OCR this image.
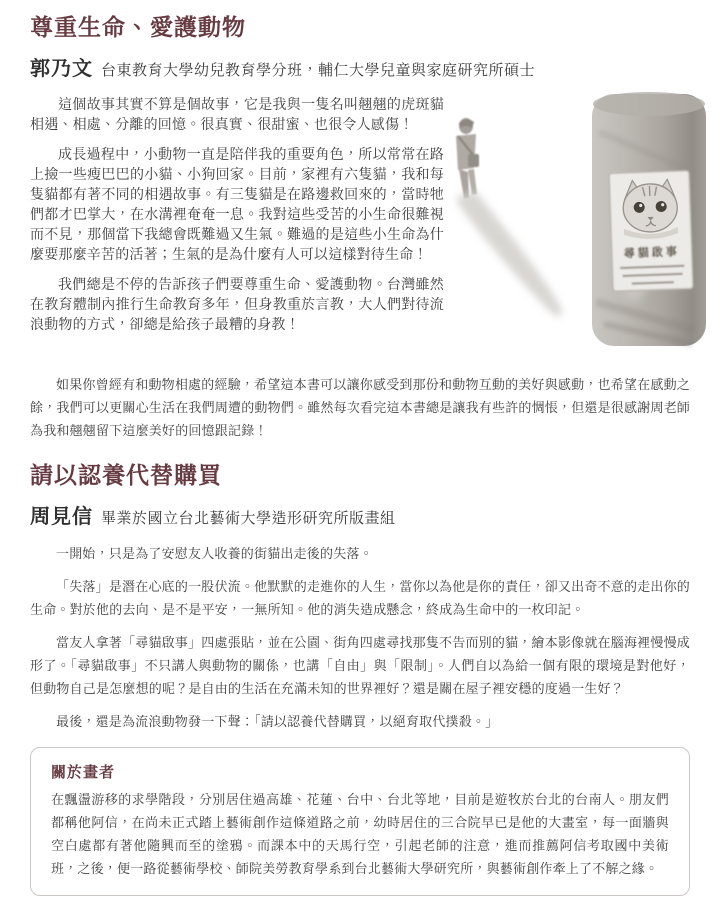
尊重生命、愛護動物
郭乃文 台東教育大學幼兒教育學分班，輔仁大學兒童與家庭研究所碩士

這個故事其實不算是個故事，它是我與一隻名叫翹翹的虎斑貓相遇、相處、分離的回憶。很真實、很甜蜜、也很令人感傷！

成長過程中，小動物一直是陪伴我的重要角色，所以常常在路上撿一些瘦巴巴的小貓、小狗回家。目前，家裡有六隻貓，我和每隻貓都有著不同的相遇故事。有三隻貓是在路邊救回來的，當時牠們都才巴掌大，在水溝裡奄奄一息。我對這些受苦的小生命很難視而不見，那個當下我總會既難過又生氣。難過的是這些小生命為什麼要那麼辛苦的活著；生氣的是為什麼有人可以這樣對待生命！

我們總是不停的告訴孩子們要尊重生命、愛護動物。台灣雖然在教育體制內推行生命教育多年，但身教重於言教，大人們對待流浪動物的方式，卻總是給孩子最糟的身教！

尋貓啟事

如果你曾經有和動物相處的經驗，希望這本書可以讓你感受到那份和動物互動的美好與感動，也希望在感動之餘，我們可以更關心生活在我們周遭的動物們。雖然每次看完這本書總是讓我有些許的惆悵，但還是很感謝周老師為我和翹翹留下這麼美好的回憶跟記錄！

請以認養代替購買
周見信 畢業於國立台北藝術大學造形研究所版畫組

一開始，只是為了安慰友人收養的街貓出走後的失落。

「失落」是潛在心底的一股伏流。他默默的走進你的人生，當你以為他是你的責任，卻又出奇不意的走出你的生命。對於他的去向、是不是平安，一無所知。他的消失造成懸念，終成為生命中的一枚印記。

當友人拿著「尋貓啟事」四處張貼，並在公園、街角四處尋找那隻不告而別的貓，繪本影像就在腦海裡慢慢成形了。「尋貓啟事」不只講人與動物的關係，也講「自由」與「限制」。人們自以為給一個有限的環境是對他好，但動物自己是怎麼想的呢？是自由的生活在充滿未知的世界裡好？還是關在屋子裡安穩的度過一生好？

最後，還是為流浪動物發一下聲：「請以認養代替購買，以絕育取代撲殺。」

關於畫者

在飄盪游移的求學階段，分別居住過高雄、花蓮、台中、台北等地，目前是遊牧於台北的台南人。朋友們都稱他阿信，在尚未正式踏上藝術創作這條道路之前，幼時居住的三合院早已是他的大畫室，每一面牆與空白處都有著他隨興而至的塗鴉。而課本中的天馬行空，引起老師的注意，進而推薦阿信考取國中美術班，之後，便一路從藝術學校、師院美勞教育學系到台北藝術大學研究所，與藝術創作牽上了不解之緣。
